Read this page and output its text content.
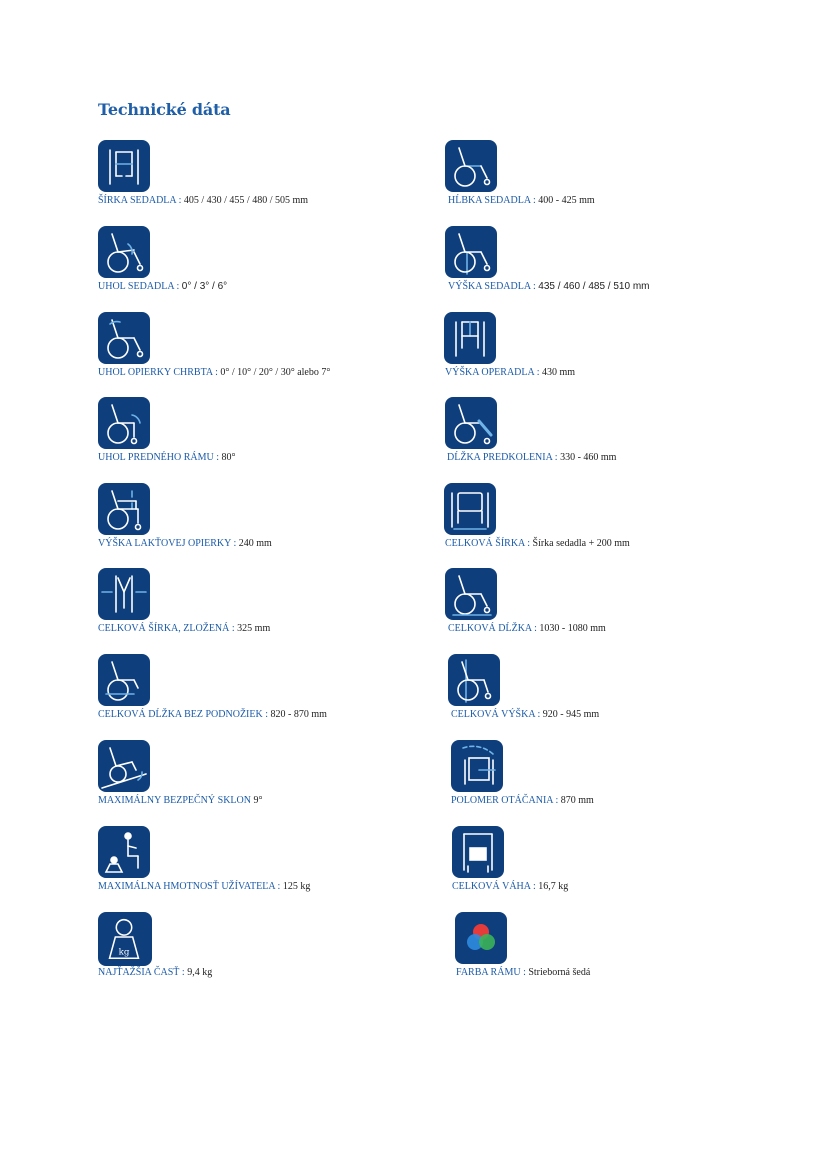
Technické dáta
ŠÍRKA SEDADLA : 405 / 430 / 455 / 480 / 505 mm	HĹBKA SEDADLA : 400 - 425 mm
UHOL SEDADLA : 0° / 3° / 6°	VÝŠKA SEDADLA : 435 / 460 / 485 / 510 mm
UHOL OPIERKY CHRBTA : 0° / 10° / 20° / 30° alebo 7°	VÝŠKA OPERADLA : 430 mm
UHOL PREDNÉHO RÁMU : 80°	DĹŽKA PREDKOLENIA : 330 - 460 mm
VÝŠKA LAKŤOVEJ OPIERKY : 240 mm	CELKOVÁ ŠÍRKA : Šírka sedadla + 200 mm
CELKOVÁ ŠÍRKA, ZLOŽENÁ : 325 mm	CELKOVÁ DĹŽKA : 1030 - 1080 mm
CELKOVÁ DĹŽKA BEZ PODNOŽIEK : 820 - 870 mm	CELKOVÁ VÝŠKA : 920 - 945 mm
MAXIMÁLNY BEZPEČNÝ SKLON 9°	POLOMER OTÁČANIA : 870 mm
MAXIMÁLNA HMOTNOSŤ UŽÍVATEĽA : 125 kg	CELKOVÁ VÁHA : 16,7 kg
kg
NAJŤAŽŠIA ČASŤ : 9,4 kg	FARBA RÁMU : Strieborná šedá
